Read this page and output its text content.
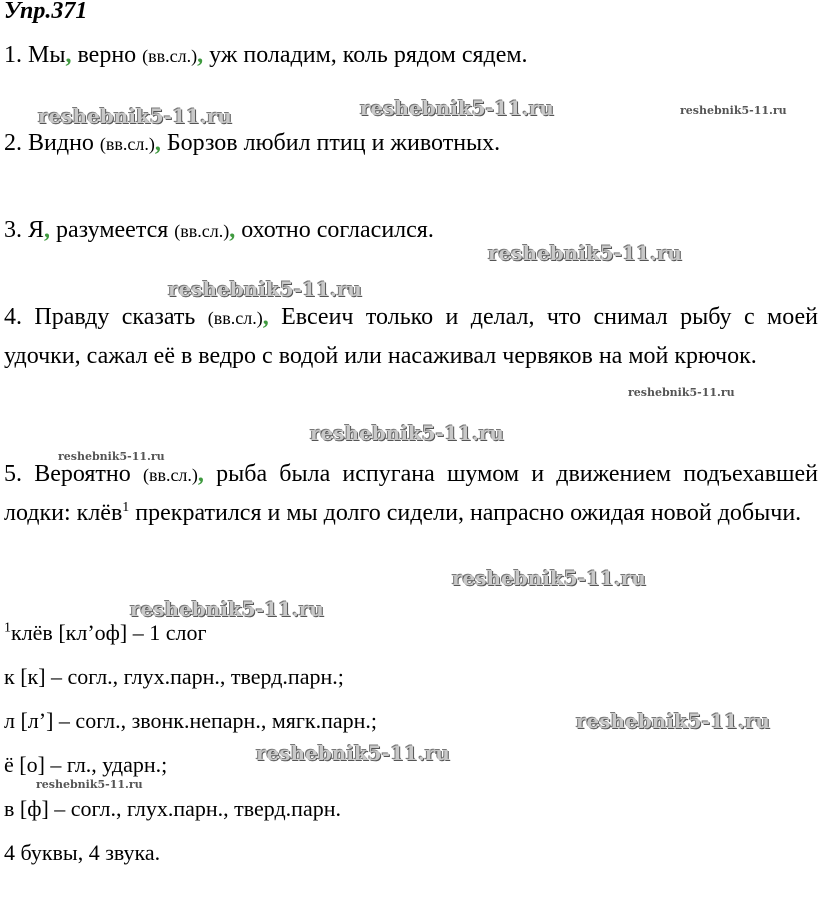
Упр.371
1. Мы, верно (вв.сл.), уж поладим, коль рядом сядем.
2. Видно (вв.сл.), Борзов любил птиц и животных.
3. Я, разумеется (вв.сл.), охотно согласился.
4. Правду сказать (вв.сл.), Евсеич только и делал, что снимал рыбу с моей удочки, сажал её в ведро с водой или насаживал червяков на мой крючок.
5. Вероятно (вв.сл.), рыба была испугана шумом и движением подъехавшей лодки: клёв$^1$ прекратился и мы долго сидели, напрасно ожидая новой добычи.
$^1$клёв [кл’оф] – 1 слог
к [к] – согл., глух.парн., тверд.парн.;
л [л’] – согл., звонк.непарн., мягк.парн.;
ё [о] – гл., ударн.;
в [ф] – согл., глух.парн., тверд.парн.
4 буквы, 4 звука.
reshebnik5-11.ru	reshebnik5-11.ru	reshebnik5-11.ru
reshebnik5-11.ru
reshebnik5-11.ru
reshebnik5-11.ru
reshebnik5-11.ru
reshebnik5-11.ru
reshebnik5-11.ru
reshebnik5-11.ru
reshebnik5-11.ru
reshebnik5-11.ru
reshebnik5-11.ru
